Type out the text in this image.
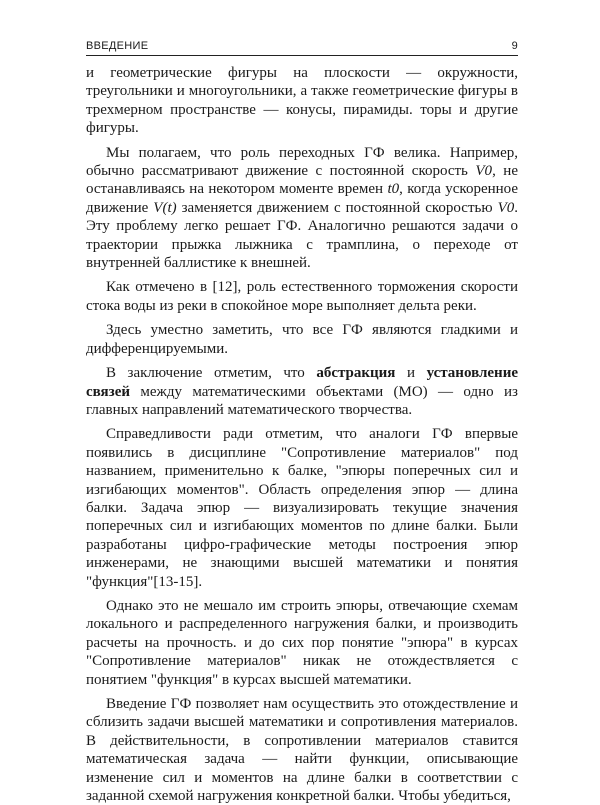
ВВЕДЕНИЕ	9

и геометрические фигуры на плоскости — окружности, треугольники и многоугольники, а также геометрические фигуры в трехмерном пространстве — конусы, пирамиды. торы и другие фигуры.

Мы полагаем, что роль переходных ГФ велика. Например, обычно рассматривают движение с постоянной скорость V0, не останавливаясь на некотором моменте времен t0, когда ускоренное движение V(t) заменяется движением с постоянной скоростью V0. Эту проблему легко решает ГФ. Аналогично решаются задачи о траектории прыжка лыжника с трамплина, о переходе от внутренней баллистике к внешней.

Как отмечено в [12], роль естественного торможения скорости стока воды из реки в спокойное море выполняет дельта реки.

Здесь уместно заметить, что все ГФ являются гладкими и дифференцируемыми.

В заключение отметим, что абстракция и установление связей между математическими объектами (МО) — одно из главных направлений математического творчества.

Справедливости ради отметим, что аналоги ГФ впервые появились в дисциплине "Сопротивление материалов" под названием, применительно к балке, "эпюры поперечных сил и изгибающих моментов". Область определения эпюр — длина балки. Задача эпюр — визуализировать текущие значения поперечных сил и изгибающих моментов по длине балки. Были разработаны цифро-графические методы построения эпюр инженерами, не знающими высшей математики и понятия "функция"[13-15].

Однако это не мешало им строить эпюры, отвечающие схемам локального и распределенного нагружения балки, и производить расчеты на прочность. и до сих пор понятие "эпюра" в курсах "Сопротивление материалов" никак не отождествляется с понятием "функция" в курсах высшей математики.

Введение ГФ позволяет нам осуществить это отождествление и сблизить задачи высшей математики и сопротивления материалов. В действительности, в сопротивлении материалов ставится математическая задача — найти функции, описывающие изменение сил и моментов на длине балки в соответствии с заданной схемой нагружения конкретной балки. Чтобы убедиться,
